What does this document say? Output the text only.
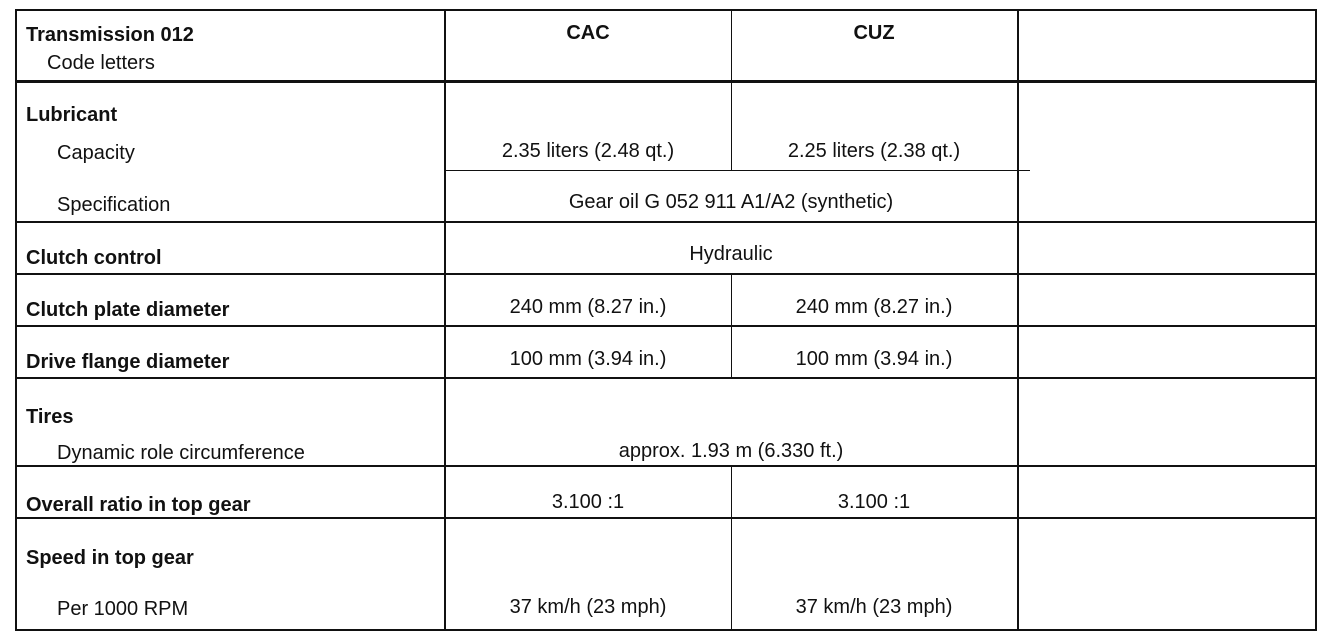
Transmission 012
Code letters
CAC	CUZ
Lubricant
Capacity	2.35 liters (2.48 qt.)	2.25 liters (2.38 qt.)
Specification	Gear oil G 052 911 A1/A2 (synthetic)
Clutch control	Hydraulic
Clutch plate diameter	240 mm (8.27 in.)	240 mm (8.27 in.)
Drive flange diameter	100 mm (3.94 in.)	100 mm (3.94 in.)
Tires
Dynamic role circumference	approx. 1.93 m (6.330 ft.)
Overall ratio in top gear	3.100 :1	3.100 :1
Speed in top gear
Per 1000 RPM	37 km/h (23 mph)	37 km/h (23 mph)
